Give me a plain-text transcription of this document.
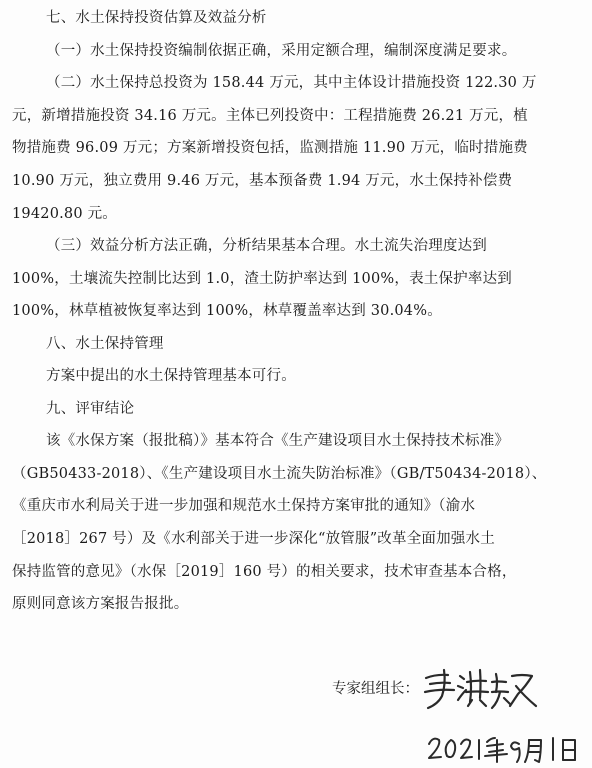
七、水土保持投资估算及效益分析
（一）水土保持投资编制依据正确，采用定额合理，编制深度满足要求。
（二）水土保持总投资为 158.44 万元，其中主体设计措施投资 122.30 万
元，新增措施投资 34.16 万元。主体已列投资中：工程措施费 26.21 万元，植
物措施费 96.09 万元；方案新增投资包括，监测措施 11.90 万元，临时措施费
10.90 万元，独立费用 9.46 万元，基本预备费 1.94 万元，水土保持补偿费
19420.80 元。
（三）效益分析方法正确，分析结果基本合理。水土流失治理度达到
100%，土壤流失控制比达到 1.0，渣土防护率达到 100%，表土保护率达到
100%，林草植被恢复率达到 100%，林草覆盖率达到 30.04%。
八、水土保持管理
方案中提出的水土保持管理基本可行。
九、评审结论
该《水保方案（报批稿）》基本符合《生产建设项目水土保持技术标准》
（GB50433-2018）、《生产建设项目水土流失防治标准》（GB/T50434-2018）、
《重庆市水利局关于进一步加强和规范水土保持方案审批的通知》（渝水
［2018］267 号）及《水利部关于进一步深化“放管服”改革全面加强水土
保持监管的意见》（水保［2019］160 号）的相关要求，技术审查基本合格，
原则同意该方案报告报批。
专家组组长：
